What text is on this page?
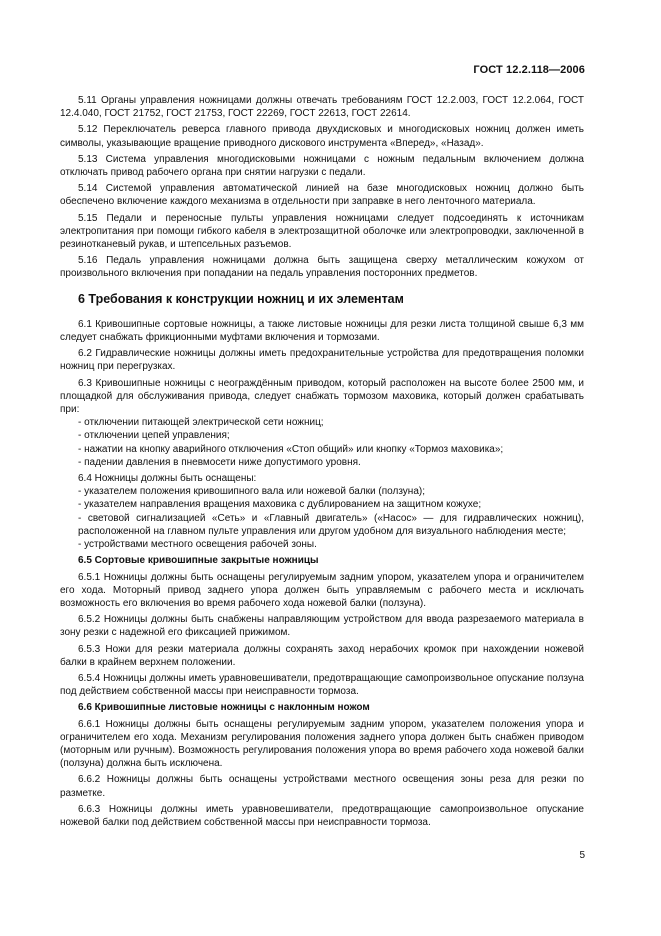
ГОСТ 12.2.118—2006

5.11 Органы управления ножницами должны отвечать требованиям ГОСТ 12.2.003, ГОСТ 12.2.064, ГОСТ 12.4.040, ГОСТ 21752, ГОСТ 21753, ГОСТ 22269, ГОСТ 22613, ГОСТ 22614.

5.12 Переключатель реверса главного привода двухдисковых и многодисковых ножниц должен иметь символы, указывающие вращение приводного дискового инструмента «Вперед», «Назад».

5.13 Система управления многодисковыми ножницами с ножным педальным включением должна отключать привод рабочего органа при снятии нагрузки с педали.

5.14 Системой управления автоматической линией на базе многодисковых ножниц должно быть обеспечено включение каждого механизма в отдельности при заправке в него ленточного материала.

5.15 Педали и переносные пульты управления ножницами следует подсоединять к источникам электропитания при помощи гибкого кабеля в электрозащитной оболочке или электропроводки, заключенной в резинотканевый рукав, и штепсельных разъемов.

5.16 Педаль управления ножницами должна быть защищена сверху металлическим кожухом от произвольного включения при попадании на педаль управления посторонних предметов.

6 Требования к конструкции ножниц и их элементам

6.1 Кривошипные сортовые ножницы, а также листовые ножницы для резки листа толщиной свыше 6,3 мм следует снабжать фрикционными муфтами включения и тормозами.

6.2 Гидравлические ножницы должны иметь предохранительные устройства для предотвращения поломки ножниц при перегрузках.

6.3 Кривошипные ножницы с неограждённым приводом, который расположен на высоте более 2500 мм, и площадкой для обслуживания привода, следует снабжать тормозом маховика, который должен срабатывать при:

- отключении питающей электрической сети ножниц;

- отключении цепей управления;

- нажатии на кнопку аварийного отключения «Стоп общий» или кнопку «Тормоз маховика»;

- падении давления в пневмосети ниже допустимого уровня.

6.4 Ножницы должны быть оснащены:

- указателем положения кривошипного вала или ножевой балки (ползуна);

- указателем направления вращения маховика с дублированием на защитном кожухе;

- световой сигнализацией «Сеть» и «Главный двигатель» («Насос» — для гидравлических ножниц), расположенной на главном пульте управления или другом удобном для визуального наблюдения месте;

- устройствами местного освещения рабочей зоны.

6.5 Сортовые кривошипные закрытые ножницы

6.5.1 Ножницы должны быть оснащены регулируемым задним упором, указателем упора и ограничителем его хода. Моторный привод заднего упора должен быть управляемым с рабочего места и исключать возможность его включения во время рабочего хода ножевой балки (ползуна).

6.5.2 Ножницы должны быть снабжены направляющим устройством для ввода разрезаемого материала в зону резки с надежной его фиксацией прижимом.

6.5.3 Ножи для резки материала должны сохранять заход нерабочих кромок при нахождении ножевой балки в крайнем верхнем положении.

6.5.4 Ножницы должны иметь уравновешиватели, предотвращающие самопроизвольное опускание ползуна под действием собственной массы при неисправности тормоза.

6.6 Кривошипные листовые ножницы с наклонным ножом

6.6.1 Ножницы должны быть оснащены регулируемым задним упором, указателем положения упора и ограничителем его хода. Механизм регулирования положения заднего упора должен быть снабжен приводом (моторным или ручным). Возможность регулирования положения упора во время рабочего хода ножевой балки (ползуна) должна быть исключена.

6.6.2 Ножницы должны быть оснащены устройствами местного освещения зоны реза для резки по разметке.

6.6.3 Ножницы должны иметь уравновешиватели, предотвращающие самопроизвольное опускание ножевой балки под действием собственной массы при неисправности тормоза.

5
